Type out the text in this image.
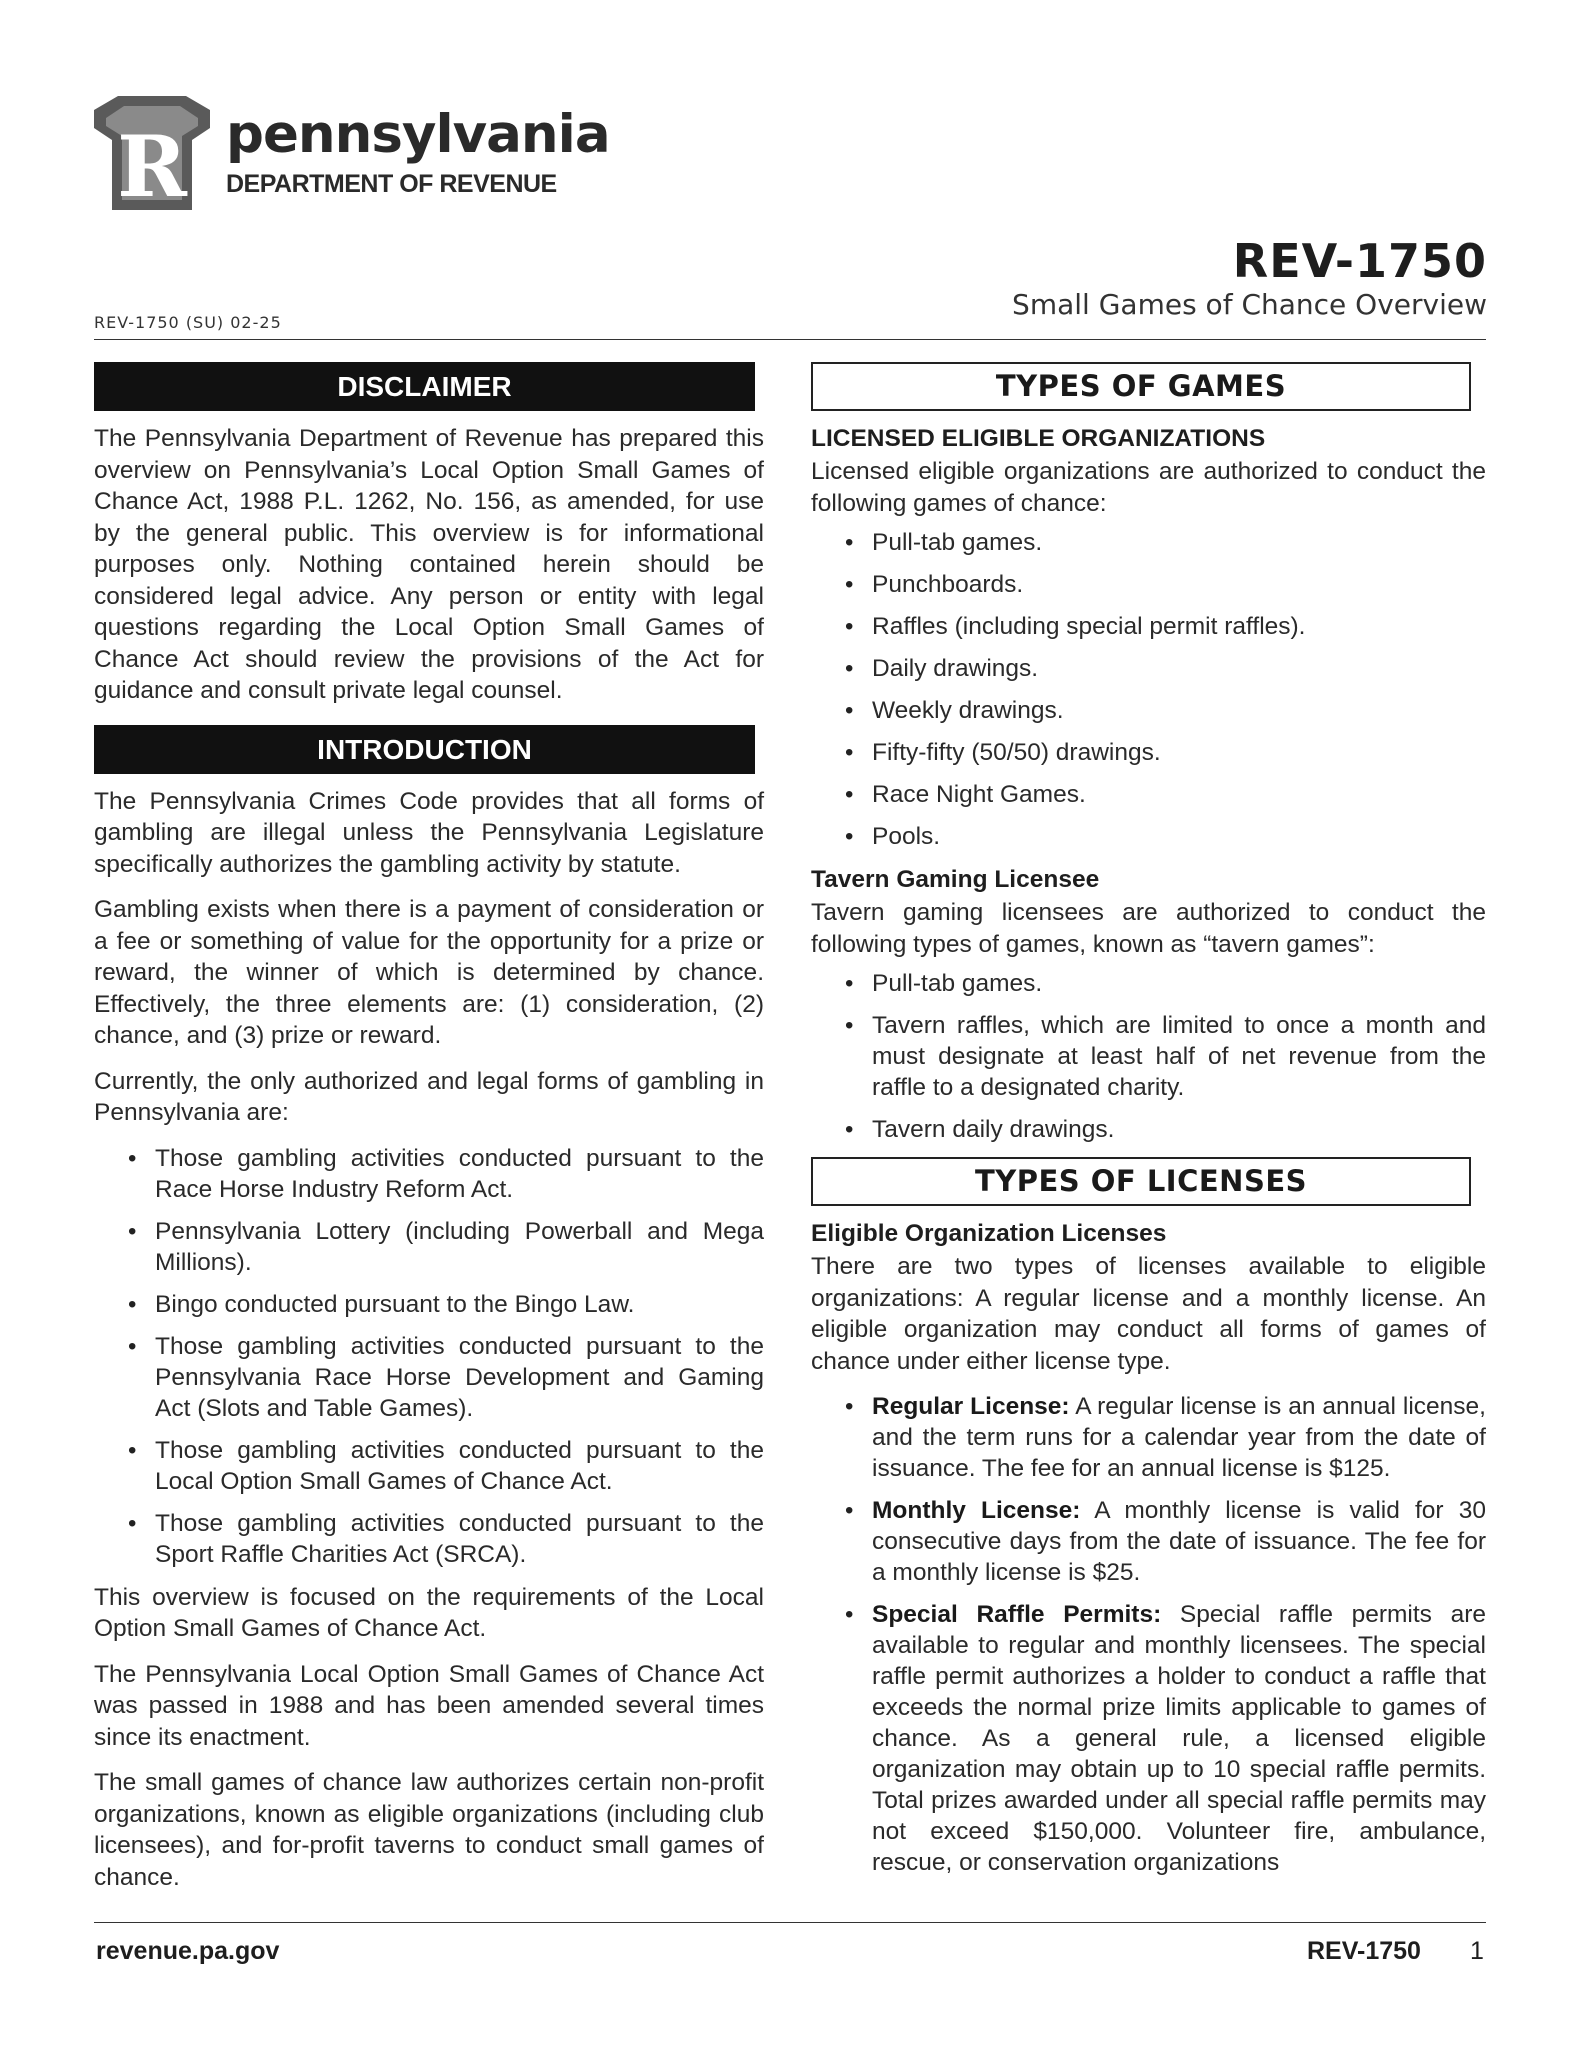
R pennsylvania
DEPARTMENT OF REVENUE
REV-1750
Small Games of Chance Overview
REV-1750 (SU) 02-25
DISCLAIMER

The Pennsylvania Department of Revenue has prepared this overview on Pennsylvania’s Local Option Small Games of Chance Act, 1988 P.L. 1262, No. 156, as amended, for use by the general public. This overview is for informational purposes only. Nothing contained herein should be considered legal advice. Any person or entity with legal questions regarding the Local Option Small Games of Chance Act should review the provisions of the Act for guidance and consult private legal counsel.

INTRODUCTION

The Pennsylvania Crimes Code provides that all forms of gambling are illegal unless the Pennsylvania Legislature specifically authorizes the gambling activity by statute.

Gambling exists when there is a payment of consideration or a fee or something of value for the opportunity for a prize or reward, the winner of which is determined by chance. Effectively, the three elements are: (1) consideration, (2) chance, and (3) prize or reward.

Currently, the only authorized and legal forms of gambling in Pennsylvania are:

• Those gambling activities conducted pursuant to the Race Horse Industry Reform Act.
• Pennsylvania Lottery (including Powerball and Mega Millions).
• Bingo conducted pursuant to the Bingo Law.
• Those gambling activities conducted pursuant to the Pennsylvania Race Horse Development and Gaming Act (Slots and Table Games).
• Those gambling activities conducted pursuant to the Local Option Small Games of Chance Act.
• Those gambling activities conducted pursuant to the Sport Raffle Charities Act (SRCA).

This overview is focused on the requirements of the Local Option Small Games of Chance Act.

The Pennsylvania Local Option Small Games of Chance Act was passed in 1988 and has been amended several times since its enactment.

The small games of chance law authorizes certain non-profit organizations, known as eligible organizations (including club licensees), and for-profit taverns to conduct small games of chance.

TYPES OF GAMES
LICENSED ELIGIBLE ORGANIZATIONS

Licensed eligible organizations are authorized to conduct the following games of chance:

• Pull-tab games.
• Punchboards.
• Raffles (including special permit raffles).
• Daily drawings.
• Weekly drawings.
• Fifty-fifty (50/50) drawings.
• Race Night Games.
• Pools.
Tavern Gaming Licensee

Tavern gaming licensees are authorized to conduct the following types of games, known as “tavern games”:

• Pull-tab games.
• Tavern raffles, which are limited to once a month and must designate at least half of net revenue from the raffle to a designated charity.
• Tavern daily drawings.
TYPES OF LICENSES
Eligible Organization Licenses

There are two types of licenses available to eligible organizations: A regular license and a monthly license. An eligible organization may conduct all forms of games of chance under either license type.

• Regular License: A regular license is an annual license, and the term runs for a calendar year from the date of issuance. The fee for an annual license is $125.
• Monthly License: A monthly license is valid for 30 consecutive days from the date of issuance. The fee for a monthly license is $25.
• Special Raffle Permits: Special raffle permits are available to regular and monthly licensees. The special raffle permit authorizes a holder to conduct a raffle that exceeds the normal prize limits applicable to games of chance. As a general rule, a licensed eligible organization may obtain up to 10 special raffle permits. Total prizes awarded under all special raffle permits may not exceed $150,000. Volunteer fire, ambulance, rescue, or conservation organizations
revenue.pa.gov	REV-1750 1
